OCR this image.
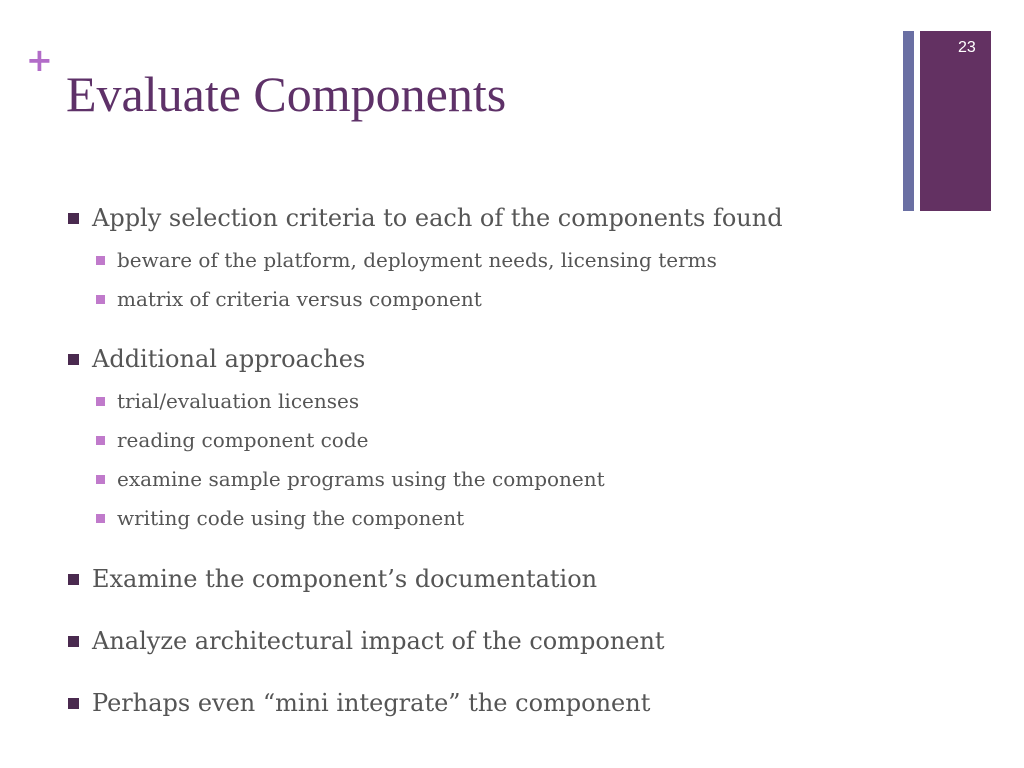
+
Evaluate Components
23
Apply selection criteria to each of the components found
beware of the platform, deployment needs, licensing terms
matrix of criteria versus component
Additional approaches
trial/evaluation licenses
reading component code
examine sample programs using the component
writing code using the component
Examine the component’s documentation
Analyze architectural impact of the component
Perhaps even “mini integrate” the component
